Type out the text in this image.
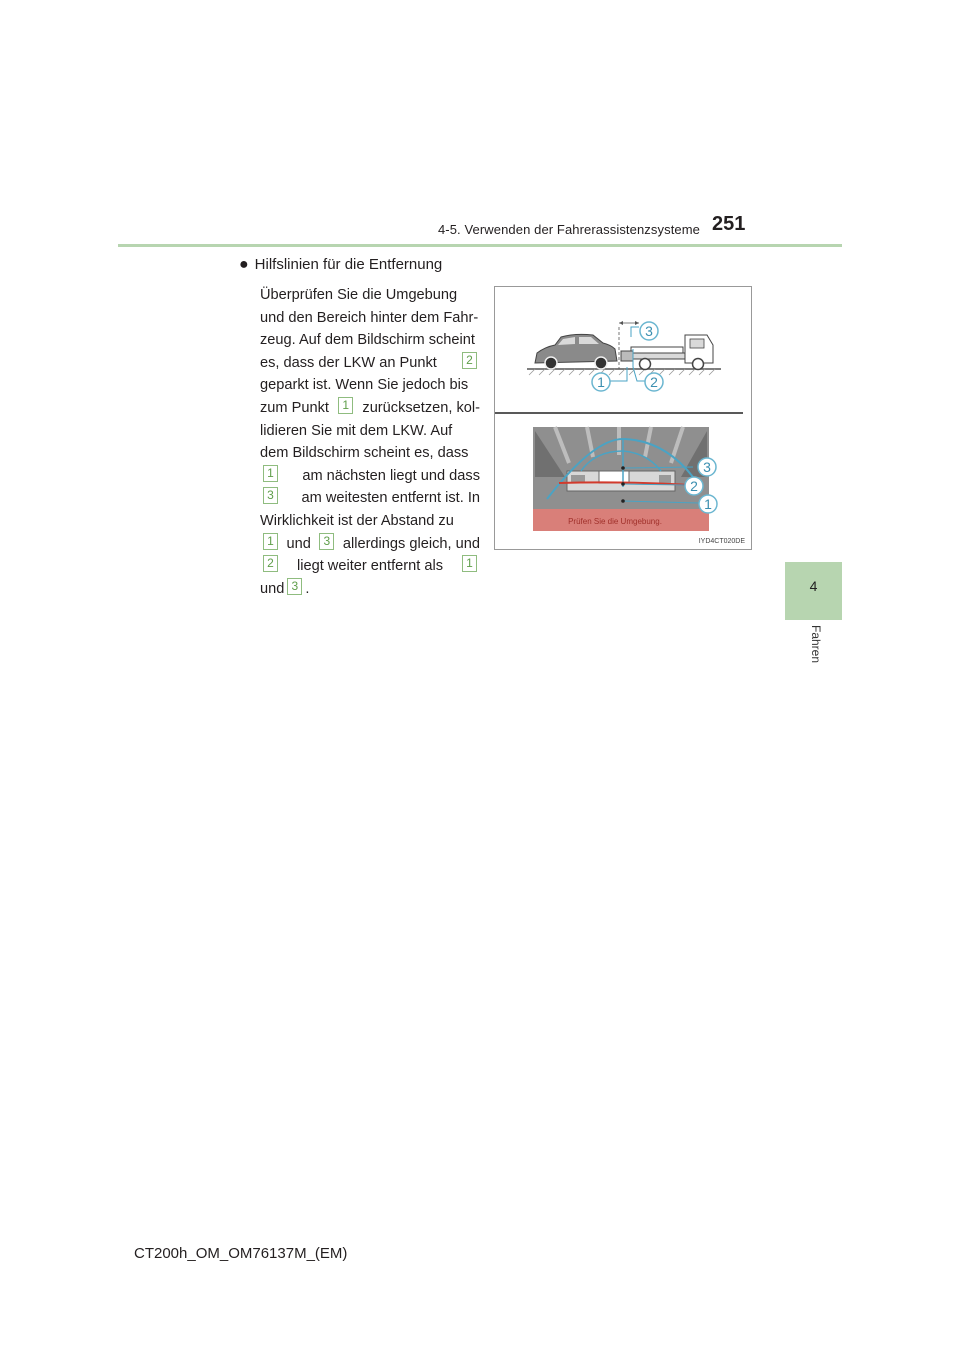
4-5. Verwenden der Fahrerassistenzsysteme 251
4
Fahren
● Hilfslinien für die Entfernung
Überprüfen Sie die Umgebung
und den Bereich hinter dem Fahr-
zeug. Auf dem Bildschirm scheint
es, dass der LKW an Punkt	2
geparkt ist. Wenn Sie jedoch bis
zum Punkt	1 zurücksetzen, kol-
lidieren Sie mit dem LKW. Auf
dem Bildschirm scheint es, dass
1 am nächsten liegt und dass
3 am weitesten entfernt ist. In
Wirklichkeit ist der Abstand zu
1 und	3 allerdings gleich, und
2 liegt weiter entfernt als	1
und 3 .
3
1	2
Prüfen Sie die Umgebung.
3
2
1
IYD4CT020DE
CT200h_OM_OM76137M_(EM)
